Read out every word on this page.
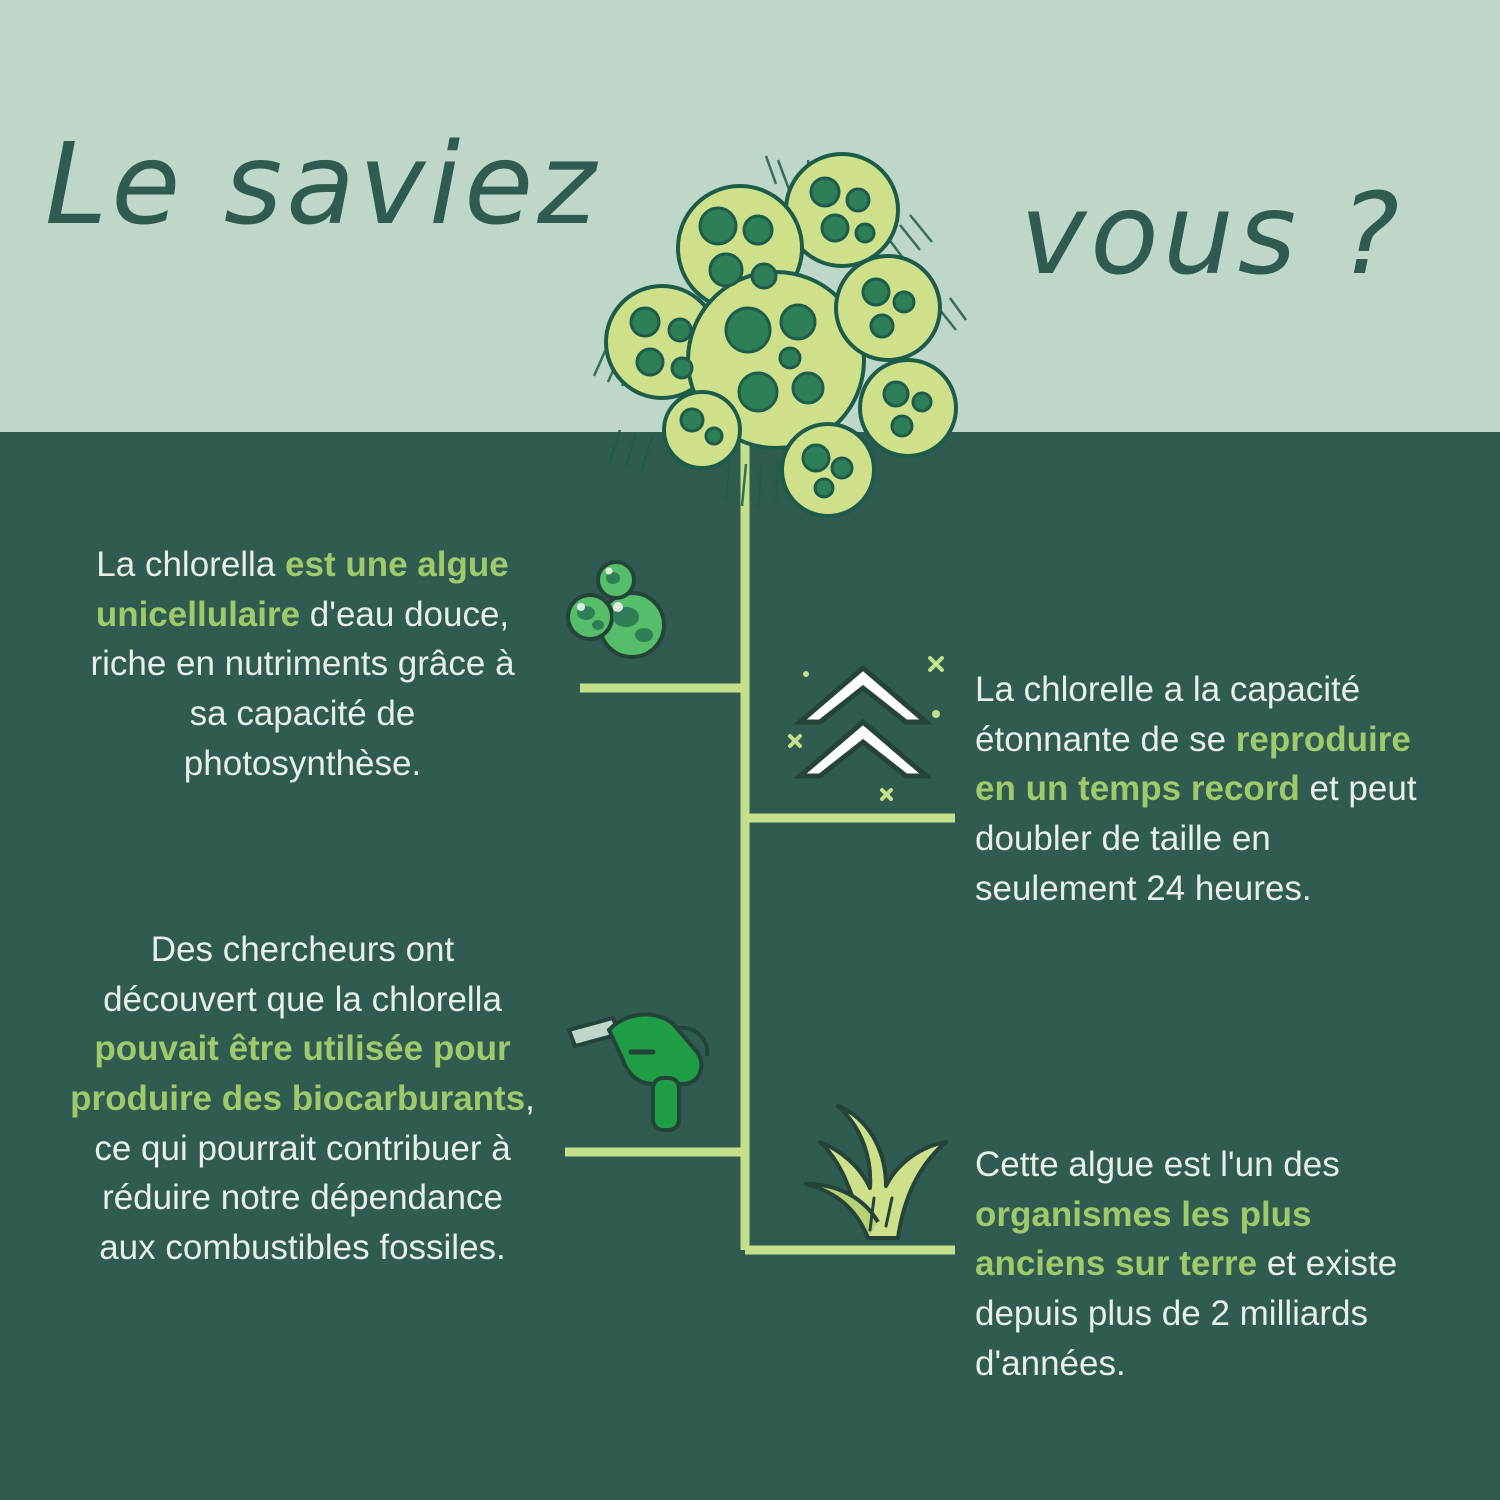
Le saviez

	vous ?

La chlorella est une algue unicellulaire d'eau douce, riche en nutriments grâce à sa capacité de photosynthèse.
La chlorelle a la capacité étonnante de se reproduire en un temps record et peut doubler de taille en seulement 24 heures.
Des chercheurs ont découvert que la chlorella pouvait être utilisée pour produire des biocarburants, ce qui pourrait contribuer à réduire notre dépendance aux combustibles fossiles.
Cette algue est l'un des organismes les plus anciens sur terre et existe depuis plus de 2 milliards d'années.
